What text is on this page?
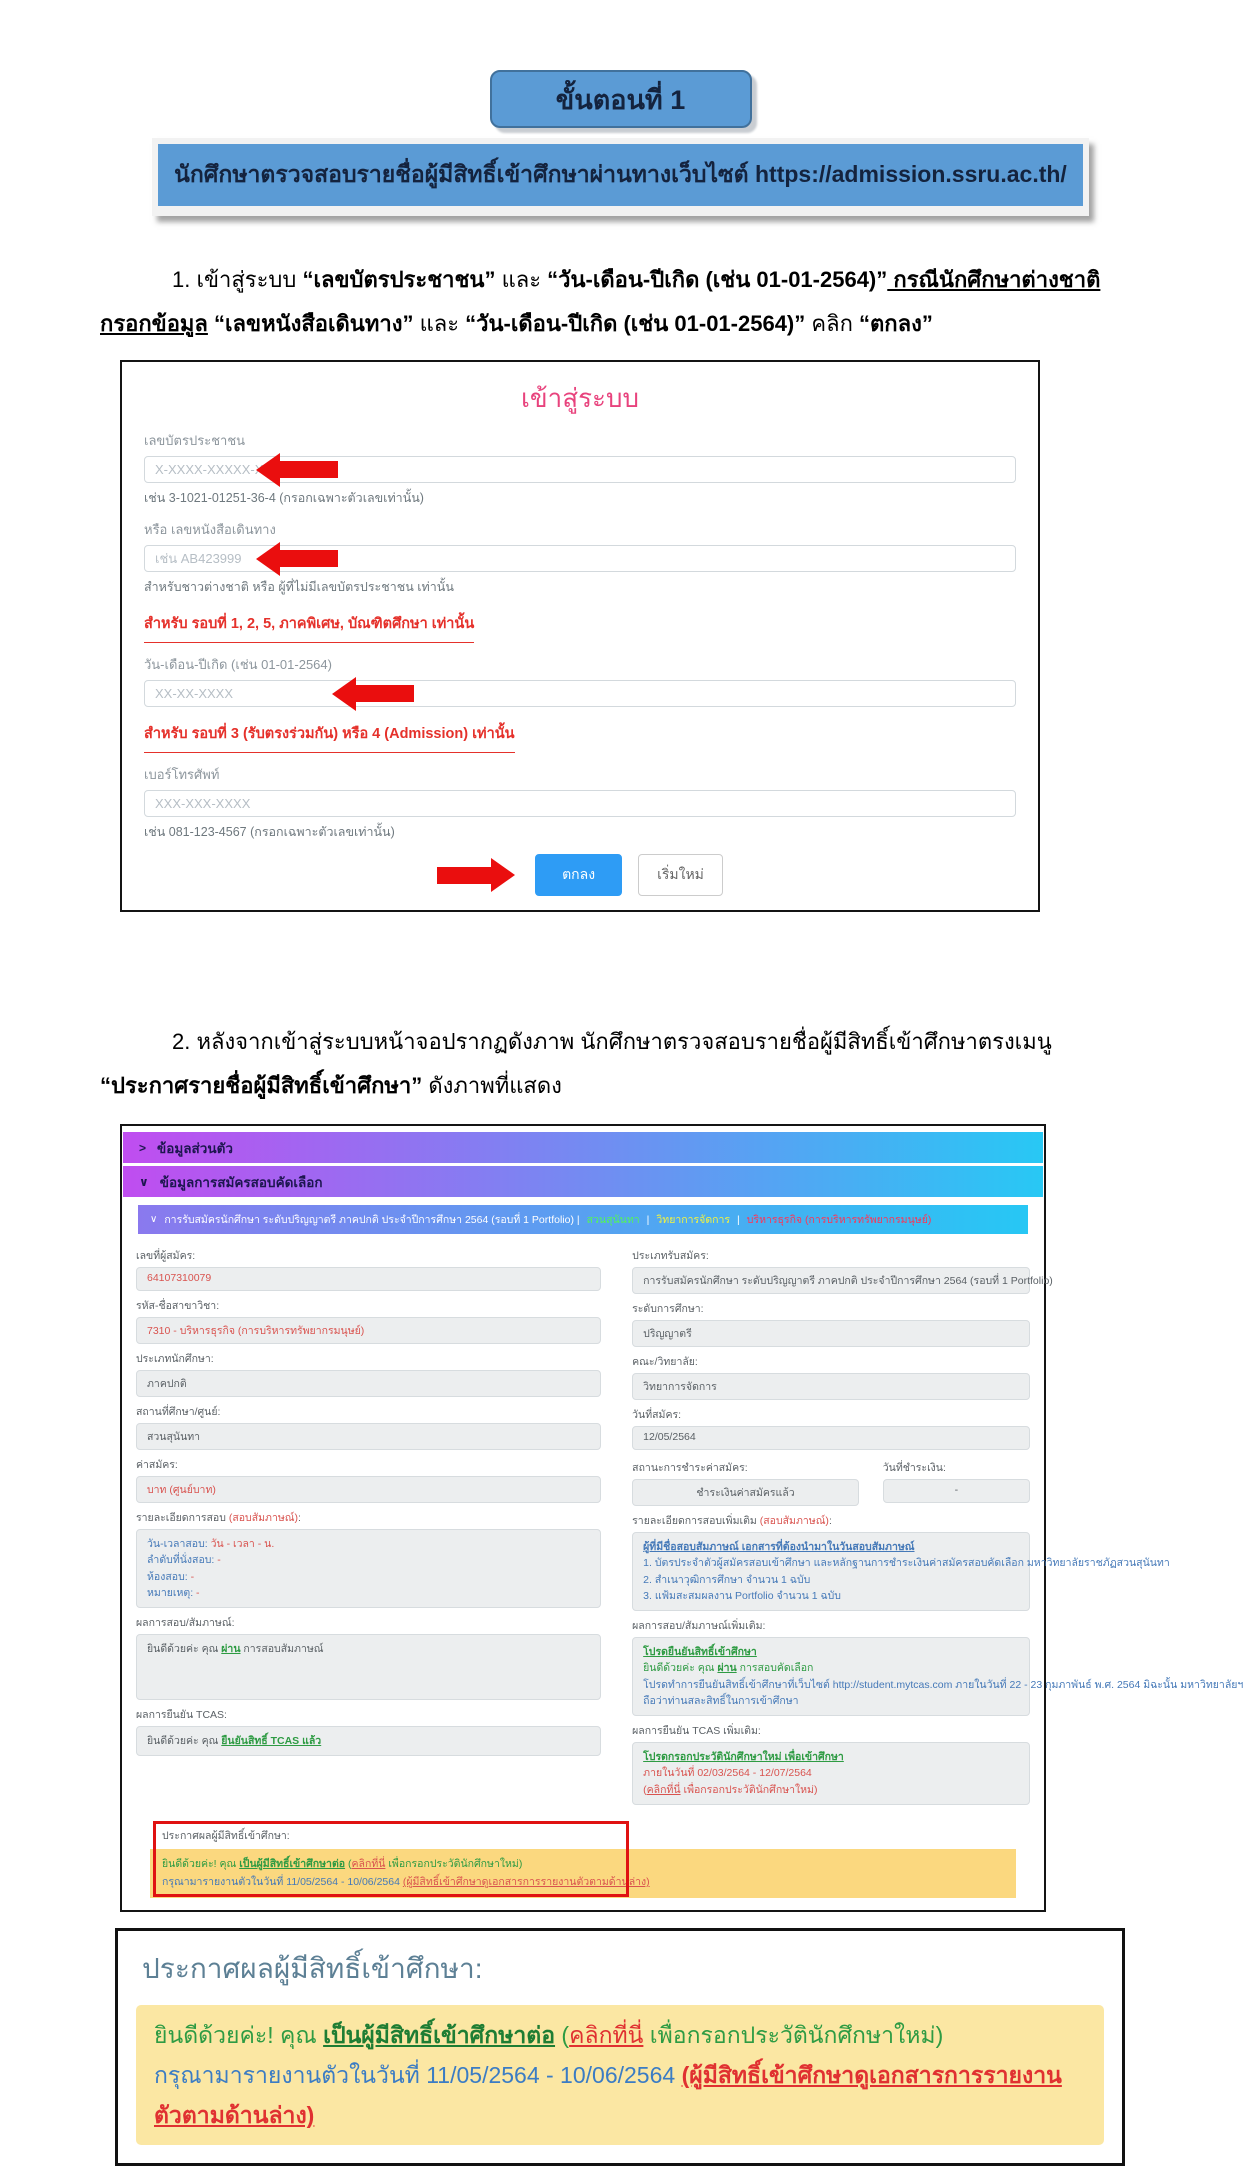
ขั้นตอนที่ 1
นักศึกษาตรวจสอบรายชื่อผู้มีสิทธิ์เข้าศึกษาผ่านทางเว็บไซต์ https://admission.ssru.ac.th/

1. เข้าสู่ระบบ “เลขบัตรประชาชน” และ “วัน-เดือน-ปีเกิด (เช่น 01-01-2564)” กรณีนักศึกษาต่างชาติกรอกข้อมูล “เลขหนังสือเดินทาง” และ “วัน-เดือน-ปีเกิด (เช่น 01-01-2564)” คลิก “ตกลง”

เข้าสู่ระบบ
เลขบัตรประชาชน
X-XXXX-XXXXX-XX-X
เช่น 3-1021-01251-36-4 (กรอกเฉพาะตัวเลขเท่านั้น)
หรือ เลขหนังสือเดินทาง
เช่น AB423999
สำหรับชาวต่างชาติ หรือ ผู้ที่ไม่มีเลขบัตรประชาชน เท่านั้น
สำหรับ รอบที่ 1, 2, 5, ภาคพิเศษ, บัณฑิตศึกษา เท่านั้น
วัน-เดือน-ปีเกิด (เช่น 01-01-2564)
XX-XX-XXXX
สำหรับ รอบที่ 3 (รับตรงร่วมกัน) หรือ 4 (Admission) เท่านั้น
เบอร์โทรศัพท์
XXX-XXX-XXXX
เช่น 081-123-4567 (กรอกเฉพาะตัวเลขเท่านั้น)
ตกลง	เริ่มใหม่

2. หลังจากเข้าสู่ระบบหน้าจอปรากฏดังภาพ นักศึกษาตรวจสอบรายชื่อผู้มีสิทธิ์เข้าศึกษาตรงเมนู “ประกาศรายชื่อผู้มีสิทธิ์เข้าศึกษา” ดังภาพที่แสดง

> ข้อมูลส่วนตัว
∨ ข้อมูลการสมัครสอบคัดเลือก
∨ การรับสมัครนักศึกษา ระดับปริญญาตรี ภาคปกติ ประจำปีการศึกษา 2564 (รอบที่ 1 Portfolio) | สวนสุนันทา | วิทยาการจัดการ | บริหารธุรกิจ (การบริหารทรัพยากรมนุษย์)
เลขที่ผู้สมัคร:
64107310079
รหัส-ชื่อสาขาวิชา:
7310 - บริหารธุรกิจ (การบริหารทรัพยากรมนุษย์)
ประเภทนักศึกษา:
ภาคปกติ
สถานที่ศึกษา/ศูนย์:
สวนสุนันทา
ค่าสมัคร:
บาท (ศูนย์บาท)
รายละเอียดการสอบ (สอบสัมภาษณ์):
วัน-เวลาสอบ: วัน - เวลา - น.
ลำดับที่นั่งสอบ: -
ห้องสอบ: -
หมายเหตุ: -
ผลการสอบ/สัมภาษณ์:
ยินดีด้วยค่ะ คุณ ผ่าน การสอบสัมภาษณ์
ผลการยืนยัน TCAS:
ยินดีด้วยค่ะ คุณ ยืนยันสิทธิ์ TCAS แล้ว
ประเภทรับสมัคร:
การรับสมัครนักศึกษา ระดับปริญญาตรี ภาคปกติ ประจำปีการศึกษา 2564 (รอบที่ 1 Portfolio)
ระดับการศึกษา:
ปริญญาตรี
คณะ/วิทยาลัย:
วิทยาการจัดการ
วันที่สมัคร:
12/05/2564
สถานะการชำระค่าสมัคร:
ชำระเงินค่าสมัครแล้ว
วันที่ชำระเงิน:
-
รายละเอียดการสอบเพิ่มเติม (สอบสัมภาษณ์):
ผู้ที่มีชื่อสอบสัมภาษณ์ เอกสารที่ต้องนำมาในวันสอบสัมภาษณ์
1. บัตรประจำตัวผู้สมัครสอบเข้าศึกษา และหลักฐานการชำระเงินค่าสมัครสอบคัดเลือก มหาวิทยาลัยราชภัฏสวนสุนันทา
2. สำเนาวุฒิการศึกษา จำนวน 1 ฉบับ
3. แฟ้มสะสมผลงาน Portfolio จำนวน 1 ฉบับ
ผลการสอบ/สัมภาษณ์เพิ่มเติม:
โปรดยืนยันสิทธิ์เข้าศึกษา
ยินดีด้วยค่ะ คุณ ผ่าน การสอบคัดเลือก
โปรดทำการยืนยันสิทธิ์เข้าศึกษาที่เว็บไซต์ http://student.mytcas.com ภายในวันที่ 22 - 23 กุมภาพันธ์ พ.ศ. 2564 มิฉะนั้น มหาวิทยาลัยฯ
ถือว่าท่านสละสิทธิ์ในการเข้าศึกษา
ผลการยืนยัน TCAS เพิ่มเติม:
โปรดกรอกประวัตินักศึกษาใหม่ เพื่อเข้าศึกษา
ภายในวันที่ 02/03/2564 - 12/07/2564
(คลิกที่นี่ เพื่อกรอกประวัตินักศึกษาใหม่)
ประกาศผลผู้มีสิทธิ์เข้าศึกษา:
ยินดีด้วยค่ะ! คุณ เป็นผู้มีสิทธิ์เข้าศึกษาต่อ (คลิกที่นี่ เพื่อกรอกประวัตินักศึกษาใหม่)
กรุณามารายงานตัวในวันที่ 11/05/2564 - 10/06/2564 (ผู้มีสิทธิ์เข้าศึกษาดูเอกสารการรายงานตัวตามด้านล่าง)
ประกาศผลผู้มีสิทธิ์เข้าศึกษา:
ยินดีด้วยค่ะ! คุณ เป็นผู้มีสิทธิ์เข้าศึกษาต่อ (คลิกที่นี่ เพื่อกรอกประวัตินักศึกษาใหม่)
กรุณามารายงานตัวในวันที่ 11/05/2564 - 10/06/2564 (ผู้มีสิทธิ์เข้าศึกษาดูเอกสารการรายงานตัวตามด้านล่าง)
